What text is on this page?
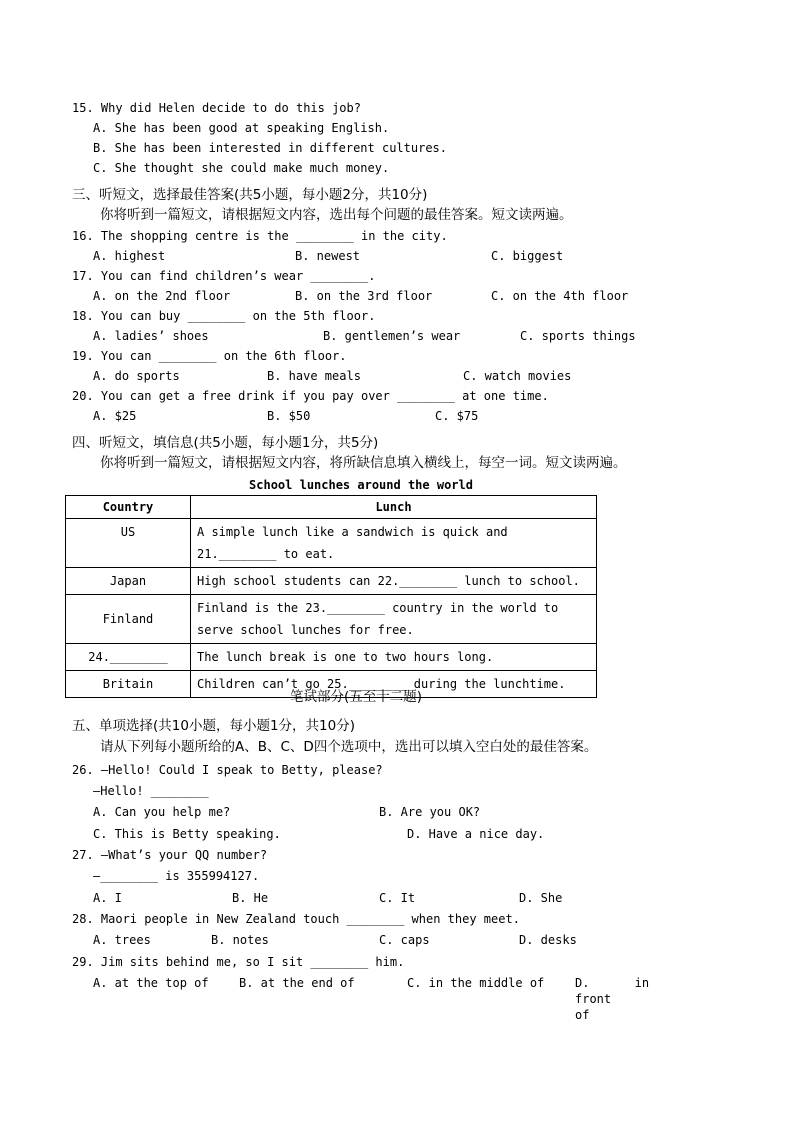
15. Why did Helen decide to do this job?
A. She has been good at speaking English.
B. She has been interested in different cultures.
C. She thought she could make much money.
三、听短文，选择最佳答案(共5小题，每小题2分，共10分)
你将听到一篇短文，请根据短文内容，选出每个问题的最佳答案。短文读两遍。
16. The shopping centre is the ________ in the city.
A. highest	B. newest	C. biggest
17. You can find children’s wear ________.
A. on the 2nd floor	B. on the 3rd floor	C. on the 4th floor
18. You can buy ________ on the 5th floor.
A. ladies’ shoes	B. gentlemen’s wear	C. sports things
19. You can ________ on the 6th floor.
A. do sports	B. have meals	C. watch movies
20. You can get a free drink if you pay over ________ at one time.
A. $25	B. $50	C. $75
四、听短文，填信息(共5小题，每小题1分，共5分)
你将听到一篇短文，请根据短文内容，将所缺信息填入横线上，每空一词。短文读两遍。
School lunches around the world
Country	Lunch
US	A simple lunch like a sandwich is quick and 21.________ to eat.
Japan	High school students can 22.________ lunch to school.
Finland	Finland is the 23.________ country in the world to serve school lunches for free.
24.________	The lunch break is one to two hours long.
Britain	Children can’t go 25.________ during the lunchtime.
笔试部分(五至十二题)
五、单项选择(共10小题，每小题1分，共10分)
请从下列每小题所给的A、B、C、D四个选项中，选出可以填入空白处的最佳答案。
26. —Hello! Could I speak to Betty, please?
—Hello! ________
A. Can you help me?	B. Are you OK?
C. This is Betty speaking.	D. Have a nice day.
27. —What’s your QQ number?
—________ is 355994127.
A. I	B. He	C. It	D. She
28. Maori people in New Zealand touch ________ when they meet.
A. trees	B. notes	C. caps	D. desks
29. Jim sits behind me, so I sit ________ him.
A. at the top of	B. at the end of	C. in the middle of	D. in front of
